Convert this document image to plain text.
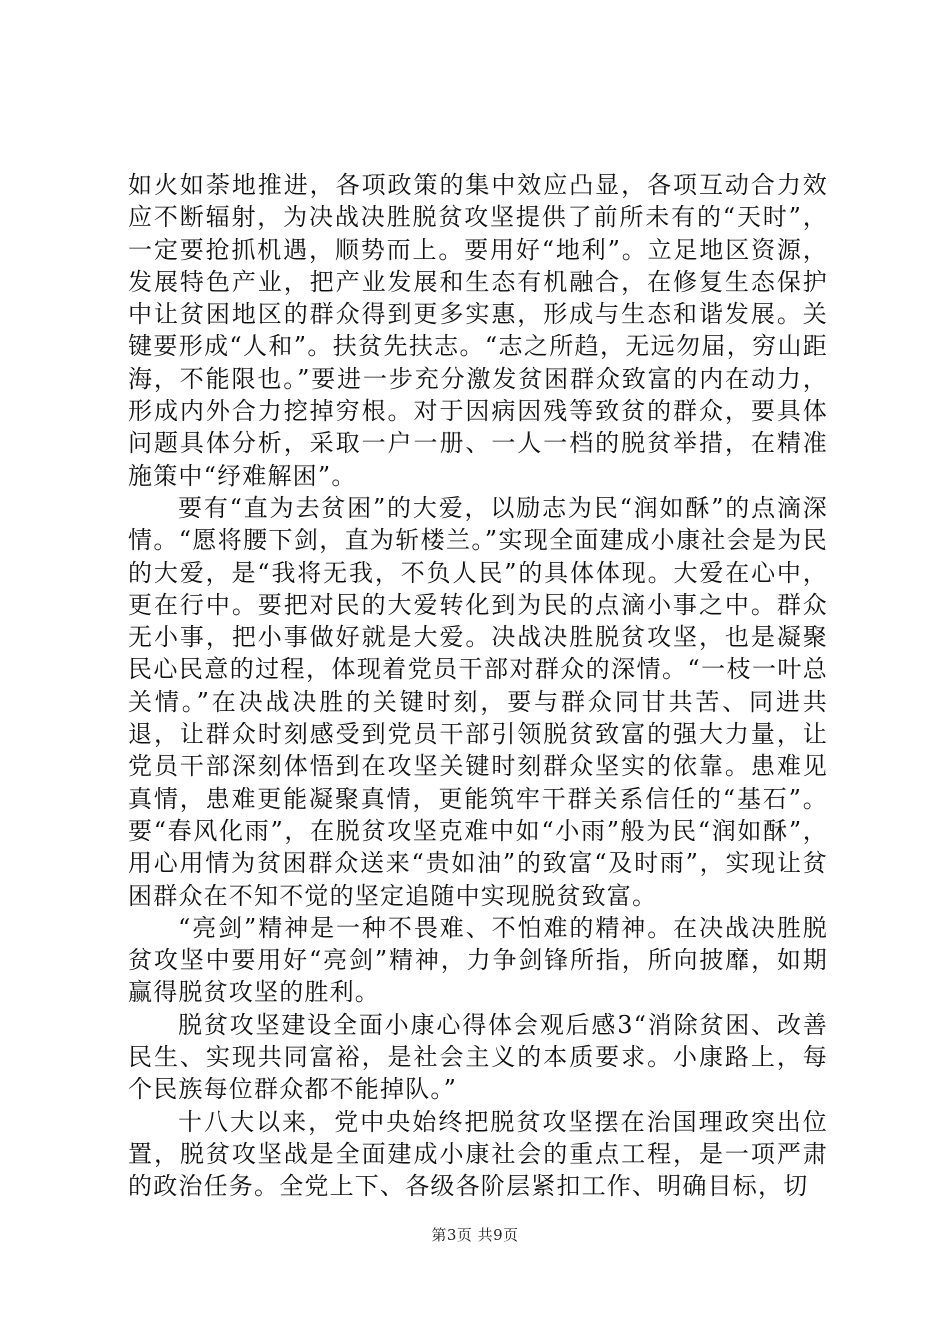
如火如荼地推进，各项政策的集中效应凸显，各项互动合力效应不断辐射，为决战决胜脱贫攻坚提供了前所未有的“天时”，一定要抢抓机遇，顺势而上。要用好“地利”。立足地区资源，发展特色产业，把产业发展和生态有机融合，在修复生态保护中让贫困地区的群众得到更多实惠，形成与生态和谐发展。关键要形成“人和”。扶贫先扶志。“志之所趋，无远勿届，穷山距海，不能限也。”要进一步充分激发贫困群众致富的内在动力，形成内外合力挖掉穷根。对于因病因残等致贫的群众，要具体问题具体分析，采取一户一册、一人一档的脱贫举措，在精准施策中“纾难解困”。

要有“直为去贫困”的大爱，以励志为民“润如酥”的点滴深情。“愿将腰下剑，直为斩楼兰。”实现全面建成小康社会是为民的大爱，是“我将无我，不负人民”的具体体现。大爱在心中，更在行中。要把对民的大爱转化到为民的点滴小事之中。群众无小事，把小事做好就是大爱。决战决胜脱贫攻坚，也是凝聚民心民意的过程，体现着党员干部对群众的深情。“一枝一叶总关情。”在决战决胜的关键时刻，要与群众同甘共苦、同进共退，让群众时刻感受到党员干部引领脱贫致富的强大力量，让党员干部深刻体悟到在攻坚关键时刻群众坚实的依靠。患难见真情，患难更能凝聚真情，更能筑牢干群关系信任的“基石”。要“春风化雨”，在脱贫攻坚克难中如“小雨”般为民“润如酥”，用心用情为贫困群众送来“贵如油”的致富“及时雨”，实现让贫困群众在不知不觉的坚定追随中实现脱贫致富。

“亮剑”精神是一种不畏难、不怕难的精神。在决战决胜脱贫攻坚中要用好“亮剑”精神，力争剑锋所指，所向披靡，如期赢得脱贫攻坚的胜利。

脱贫攻坚建设全面小康心得体会观后感3“消除贫困、改善民生、实现共同富裕，是社会主义的本质要求。小康路上，每个民族每位群众都不能掉队。”

十八大以来，党中央始终把脱贫攻坚摆在治国理政突出位置，脱贫攻坚战是全面建成小康社会的重点工程，是一项严肃的政治任务。全党上下、各级各阶层紧扣工作、明确目标，切

第3页 共9页
